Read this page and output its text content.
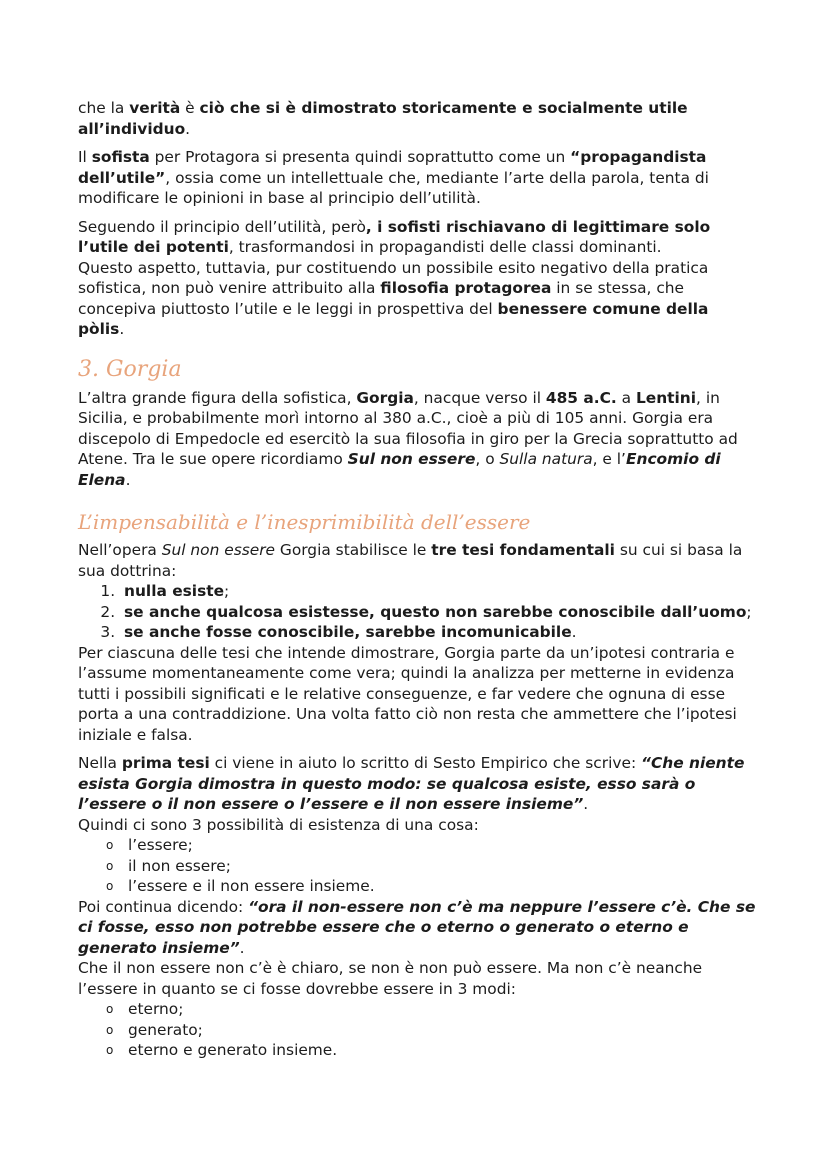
che la verità è ciò che si è dimostrato storicamente e socialmente utile all’individuo.

Il sofista per Protagora si presenta quindi soprattutto come un “propagandista dell’utile”, ossia come un intellettuale che, mediante l’arte della parola, tenta di modificare le opinioni in base al principio dell’utilità.

Seguendo il principio dell’utilità, però, i sofisti rischiavano di legittimare solo l’utile dei potenti, trasformandosi in propagandisti delle classi dominanti.

Questo aspetto, tuttavia, pur costituendo un possibile esito negativo della pratica sofistica, non può venire attribuito alla filosofia protagorea in se stessa, che concepiva piuttosto l’utile e le leggi in prospettiva del benessere comune della pòlis.

3. Gorgia

L’altra grande figura della sofistica, Gorgia, nacque verso il 485 a.C. a Lentini, in Sicilia, e probabilmente morì intorno al 380 a.C., cioè a più di 105 anni. Gorgia era discepolo di Empedocle ed esercitò la sua filosofia in giro per la Grecia soprattutto ad Atene. Tra le sue opere ricordiamo Sul non essere, o Sulla natura, e l’Encomio di Elena.

L’impensabilità e l’inesprimibilità dell’essere

Nell’opera Sul non essere Gorgia stabilisce le tre tesi fondamentali su cui si basa la sua dottrina:

1. nulla esiste;
2. se anche qualcosa esistesse, questo non sarebbe conoscibile dall’uomo;
3. se anche fosse conoscibile, sarebbe incomunicabile.

Per ciascuna delle tesi che intende dimostrare, Gorgia parte da un’ipotesi contraria e l’assume momentaneamente come vera; quindi la analizza per metterne in evidenza tutti i possibili significati e le relative conseguenze, e far vedere che ognuna di esse porta a una contraddizione. Una volta fatto ciò non resta che ammettere che l’ipotesi iniziale e falsa.

Nella prima tesi ci viene in aiuto lo scritto di Sesto Empirico che scrive: “Che niente esista Gorgia dimostra in questo modo: se qualcosa esiste, esso sarà o l’essere o il non essere o l’essere e il non essere insieme”.

Quindi ci sono 3 possibilità di esistenza di una cosa:

o l’essere;
o il non essere;
o l’essere e il non essere insieme.

Poi continua dicendo: “ora il non-essere non c’è ma neppure l’essere c’è. Che se ci fosse, esso non potrebbe essere che o eterno o generato o eterno e generato insieme”.

Che il non essere non c’è è chiaro, se non è non può essere. Ma non c’è neanche l’essere in quanto se ci fosse dovrebbe essere in 3 modi:

o eterno;
o generato;
o eterno e generato insieme.
